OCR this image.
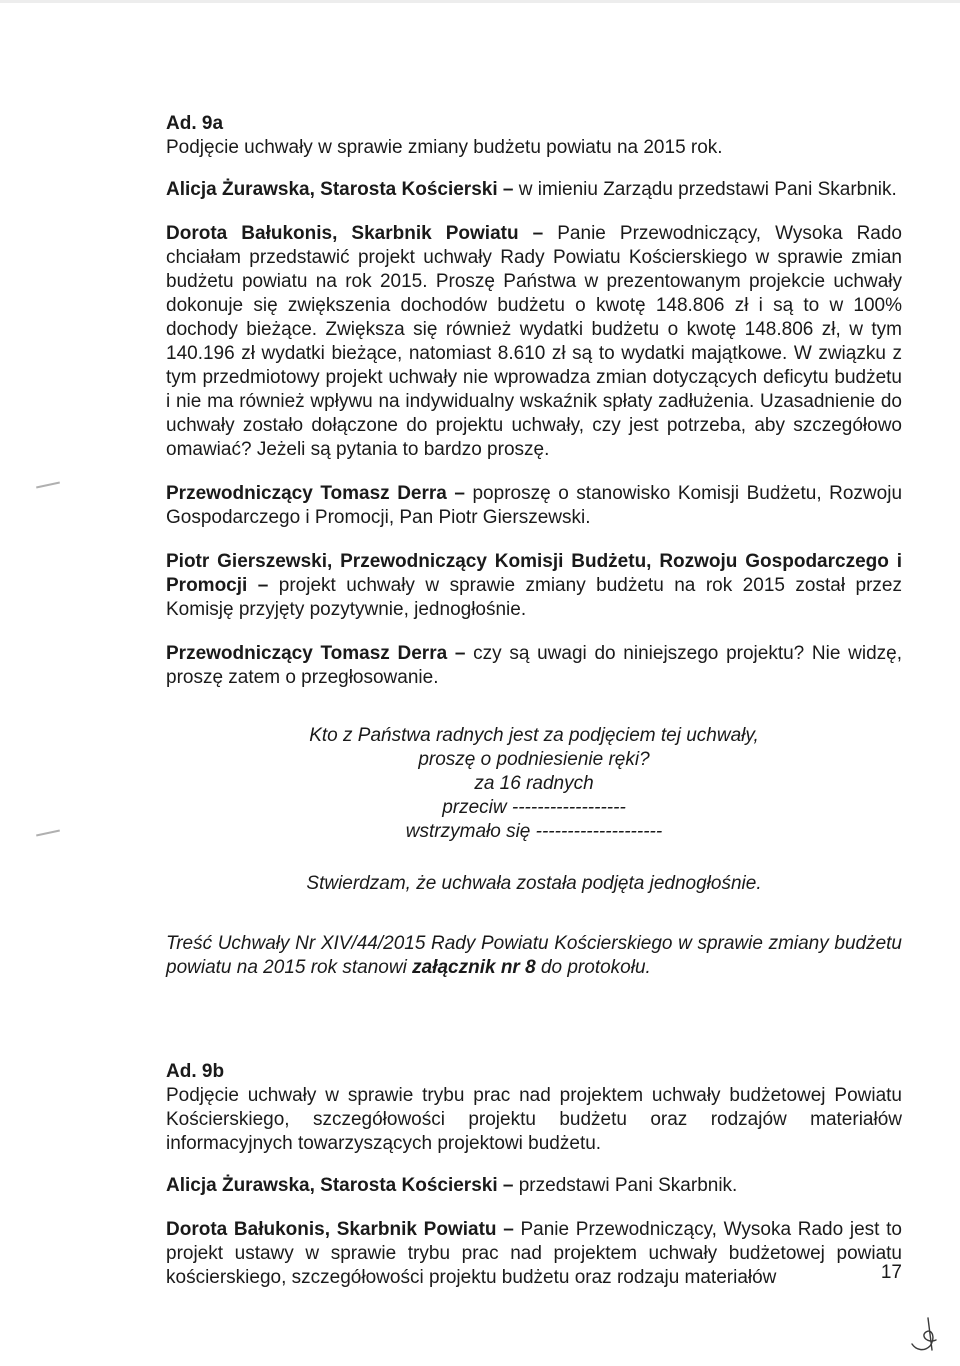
Ad. 9a
Podjęcie uchwały w sprawie zmiany budżetu powiatu na 2015 rok.
Alicja Żurawska, Starosta Kościerski – w imieniu Zarządu przedstawi Pani Skarbnik.
Dorota Bałukonis, Skarbnik Powiatu – Panie Przewodniczący, Wysoka Rado chciałam przedstawić projekt uchwały Rady Powiatu Kościerskiego w sprawie zmian budżetu powiatu na rok 2015. Proszę Państwa w prezentowanym projekcie uchwały dokonuje się zwiększenia dochodów budżetu o kwotę 148.806 zł i są to w 100% dochody bieżące. Zwiększa się również wydatki budżetu o kwotę 148.806 zł, w tym 140.196 zł wydatki bieżące, natomiast 8.610 zł są to wydatki majątkowe. W związku z tym przedmiotowy projekt uchwały nie wprowadza zmian dotyczących deficytu budżetu i nie ma również wpływu na indywidualny wskaźnik spłaty zadłużenia. Uzasadnienie do uchwały zostało dołączone do projektu uchwały, czy jest potrzeba, aby szczegółowo omawiać? Jeżeli są pytania to bardzo proszę.
Przewodniczący Tomasz Derra – poproszę o stanowisko Komisji Budżetu, Rozwoju Gospodarczego i Promocji, Pan Piotr Gierszewski.
Piotr Gierszewski, Przewodniczący Komisji Budżetu, Rozwoju Gospodarczego i Promocji – projekt uchwały w sprawie zmiany budżetu na rok 2015 został przez Komisję przyjęty pozytywnie, jednogłośnie.
Przewodniczący Tomasz Derra – czy są uwagi do niniejszego projektu? Nie widzę, proszę zatem o przegłosowanie.
Kto z Państwa radnych jest za podjęciem tej uchwały,
proszę o podniesienie ręki?
za 16 radnych
przeciw ------------------
wstrzymało się --------------------
Stwierdzam, że uchwała została podjęta jednogłośnie.
Treść Uchwały Nr XIV/44/2015 Rady Powiatu Kościerskiego w sprawie zmiany budżetu powiatu na 2015 rok stanowi załącznik nr 8 do protokołu.
Ad. 9b
Podjęcie uchwały w sprawie trybu prac nad projektem uchwały budżetowej Powiatu Kościerskiego, szczegółowości projektu budżetu oraz rodzajów materiałów informacyjnych towarzyszących projektowi budżetu.
Alicja Żurawska, Starosta Kościerski – przedstawi Pani Skarbnik.
Dorota Bałukonis, Skarbnik Powiatu – Panie Przewodniczący, Wysoka Rado jest to projekt ustawy w sprawie trybu prac nad projektem uchwały budżetowej powiatu kościerskiego, szczegółowości projektu budżetu oraz rodzaju materiałów	17
